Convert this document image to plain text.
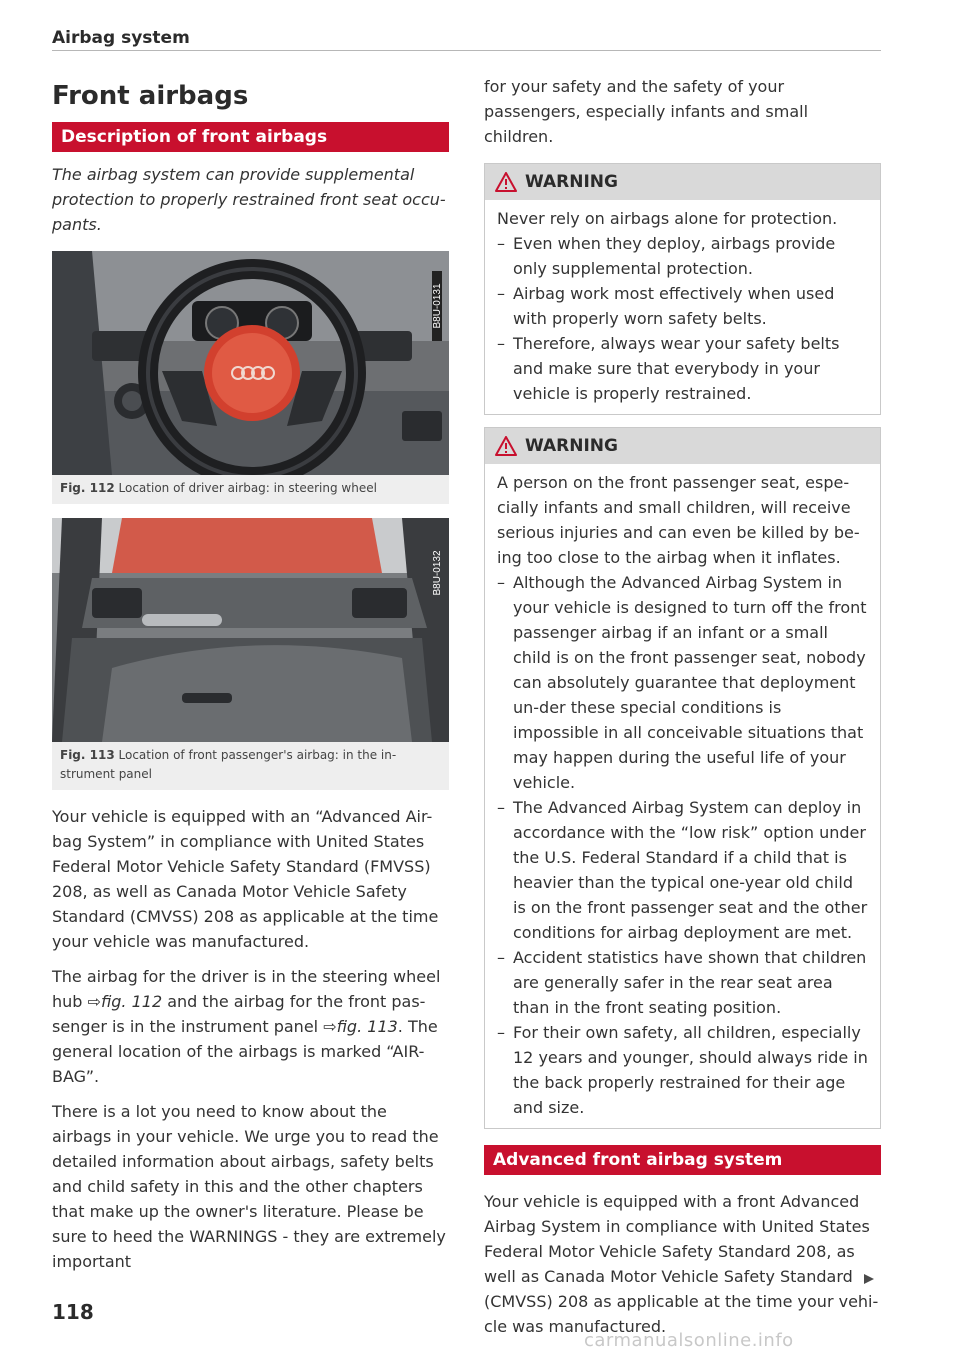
Airbag system
Front airbags
Description of front airbags
The airbag system can provide supplemental protection to properly restrained front seat occu-pants.
B8U-0131
Fig. 112 Location of driver airbag: in steering wheel
B8U-0132
Fig. 113 Location of front passenger's airbag: in the in-strument panel

Your vehicle is equipped with an “Advanced Air-bag System” in compliance with United States Federal Motor Vehicle Safety Standard (FMVSS) 208, as well as Canada Motor Vehicle Safety Standard (CMVSS) 208 as applicable at the time your vehicle was manufactured.

The airbag for the driver is in the steering wheel hub ⇨fig. 112 and the airbag for the front pas-senger is in the instrument panel ⇨fig. 113. The general location of the airbags is marked “AIR-BAG”.

There is a lot you need to know about the airbags in your vehicle. We urge you to read the detailed information about airbags, safety belts and child safety in this and the other chapters that make up the owner's literature. Please be sure to heed the WARNINGS - they are extremely important

for your safety and the safety of your passengers, especially infants and small children.

WARNING
Never rely on airbags alone for protection.
– Even when they deploy, airbags provide only supplemental protection.
– Airbag work most effectively when used with properly worn safety belts.
– Therefore, always wear your safety belts and make sure that everybody in your vehicle is properly restrained.
WARNING
A person on the front passenger seat, espe-cially infants and small children, will receive serious injuries and can even be killed by be-ing too close to the airbag when it inflates.
– Although the Advanced Airbag System in your vehicle is designed to turn off the front passenger airbag if an infant or a small child is on the front passenger seat, nobody can absolutely guarantee that deployment un-der these special conditions is impossible in all conceivable situations that may happen during the useful life of your vehicle.
– The Advanced Airbag System can deploy in accordance with the “low risk” option under the U.S. Federal Standard if a child that is heavier than the typical one-year old child is on the front passenger seat and the other conditions for airbag deployment are met.
– Accident statistics have shown that children are generally safer in the rear seat area than in the front seating position.
– For their own safety, all children, especially 12 years and younger, should always ride in the back properly restrained for their age and size.
Advanced front airbag system

Your vehicle is equipped with a front Advanced Airbag System in compliance with United States Federal Motor Vehicle Safety Standard 208, as well as Canada Motor Vehicle Safety Standard (CMVSS) 208 as applicable at the time your vehi-cle was manufactured.

118
carmanualsonline.info
